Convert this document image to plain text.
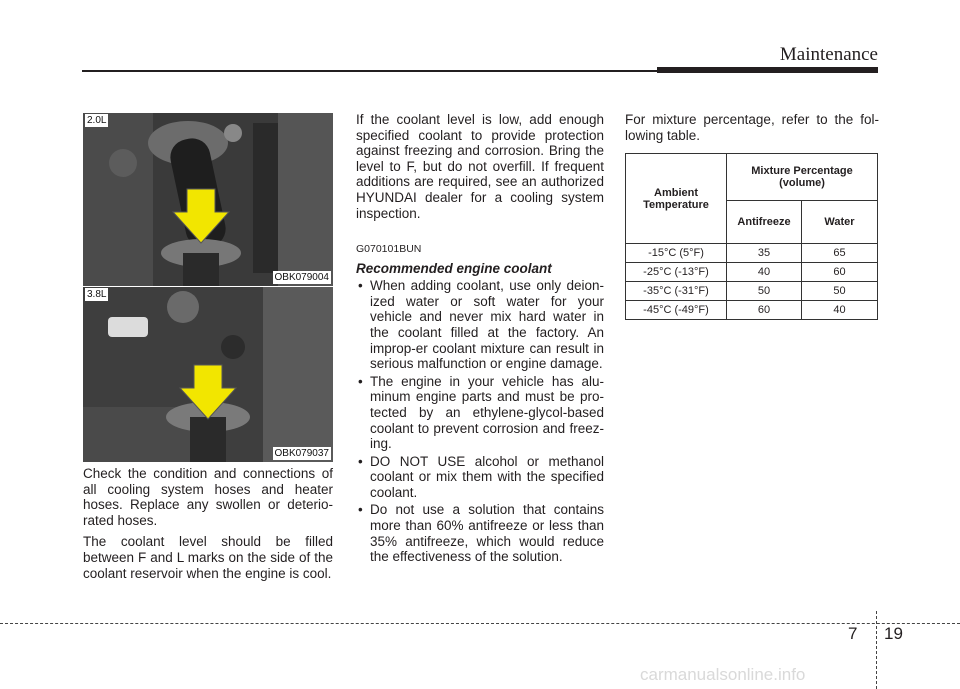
Maintenance
2.0L
OBK079004
3.8L
OBK079037

Check the condition and connections of all cooling system hoses and heater hoses. Replace any swollen or deterio-rated hoses.

The coolant level should be filled between F and L marks on the side of the coolant reservoir when the engine is cool.

If the coolant level is low, add enough specified coolant to provide protection against freezing and corrosion. Bring the level to F, but do not overfill. If frequent additions are required, see an authorized HYUNDAI dealer for a cooling system inspection.

G070101BUN
Recommended engine coolant
• When adding coolant, use only deion-ized water or soft water for your vehicle and never mix hard water in the coolant filled at the factory. An improp-er coolant mixture can result in serious malfunction or engine damage.
• The engine in your vehicle has alu-minum engine parts and must be pro-tected by an ethylene-glycol-based coolant to prevent corrosion and freez-ing.
• DO NOT USE alcohol or methanol coolant or mix them with the specified coolant.
• Do not use a solution that contains more than 60% antifreeze or less than 35% antifreeze, which would reduce the effectiveness of the solution.

For mixture percentage, refer to the fol-lowing table.

Ambient Temperature	Mixture Percentage (volume)	
	Antifreeze	Water
-15°C (5°F)	35	65
-25°C (-13°F)	40	60
-35°C (-31°F)	50	50
-45°C (-49°F)	60	40
7 19
carmanualsonline.info
